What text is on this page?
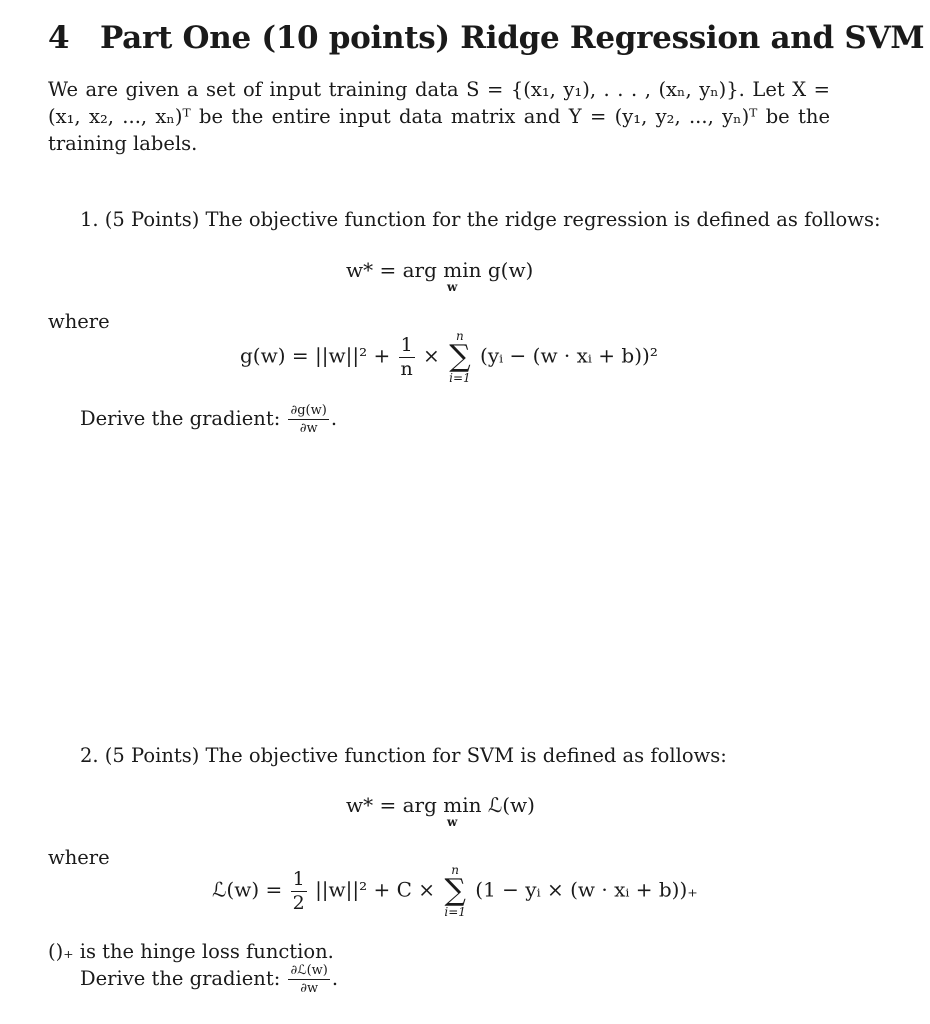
4 Part One (10 points) Ridge Regression and SVM
We are given a set of input training data S = {(x₁, y₁), . . . , (xₙ, yₙ)}. Let X = (x₁, x₂, ..., xₙ)ᵀ be the entire input data matrix and Y = (y₁, y₂, ..., yₙ)ᵀ be the training labels.
1. (5 Points) The objective function for the ridge regression is defined as follows:
w* = arg min g(w)
w
where
$g(w) = ||w||^2 + \frac{1}{n}$ ×
n
∑
i=1
(yᵢ − (w · xᵢ + b))²
Derive the gradient: $\frac{\partial g(w)}{\partial w}$ .
2. (5 Points) The objective function for SVM is defined as follows:
w* = arg min ℒ(w)
w
where
ℒ(w) = $\frac{1}{2} ||w||^2 + C$ ×
n
∑
i=1
(1 − yᵢ × (w · xᵢ + b))₊
()₊ is the hinge loss function.
Derive the gradient: $\frac{\text{∂ℒ(w)}}{\partial w}$ .
